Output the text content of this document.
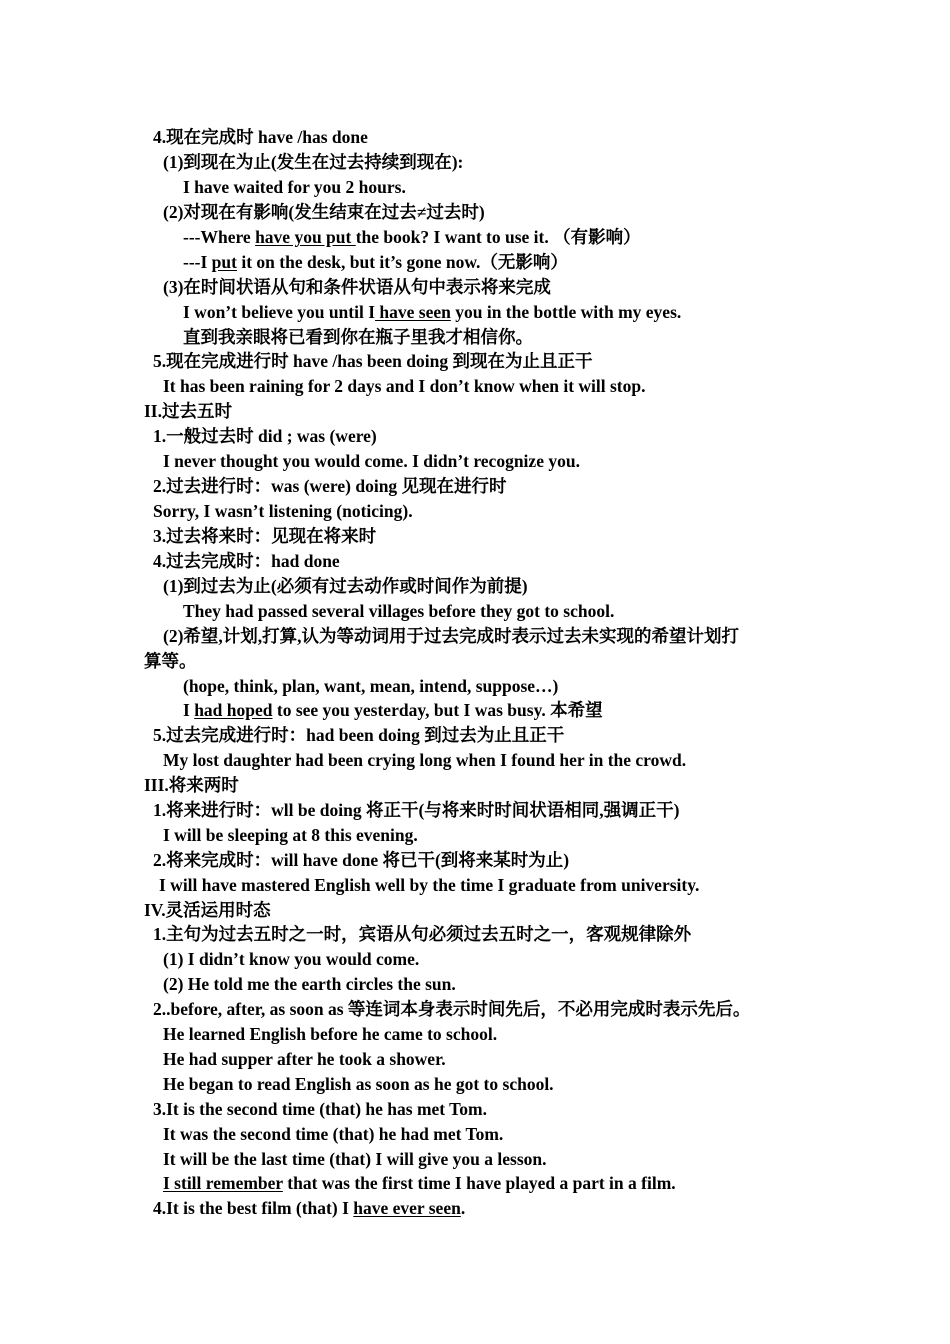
4.现在完成时 have /has done
(1)到现在为止(发生在过去持续到现在):
I have waited for you 2 hours.
(2)对现在有影响(发生结束在过去≠过去时)
---Where have you put the book? I want to use it. （有影响）
---I put it on the desk, but it’s gone now.（无影响）
(3)在时间状语从句和条件状语从句中表示将来完成
I won’t believe you until I have seen you in the bottle with my eyes.
直到我亲眼将已看到你在瓶子里我才相信你。
5.现在完成进行时 have /has been doing 到现在为止且正干
It has been raining for 2 days and I don’t know when it will stop.
II.过去五时
1.一般过去时 did ; was (were)
I never thought you would come. I didn’t recognize you.
2.过去进行时：was (were) doing 见现在进行时
Sorry, I wasn’t listening (noticing).
3.过去将来时：见现在将来时
4.过去完成时：had done
(1)到过去为止(必须有过去动作或时间作为前提)
They had passed several villages before they got to school.
(2)希望,计划,打算,认为等动词用于过去完成时表示过去未实现的希望计划打
算等。
(hope, think, plan, want, mean, intend, suppose…)
I had hoped to see you yesterday, but I was busy. 本希望
5.过去完成进行时：had been doing 到过去为止且正干
My lost daughter had been crying long when I found her in the crowd.
III.将来两时
1.将来进行时：wll be doing 将正干(与将来时时间状语相同,强调正干)
I will be sleeping at 8 this evening.
2.将来完成时：will have done 将已干(到将来某时为止)
I will have mastered English well by the time I graduate from university.
IV.灵活运用时态
1.主句为过去五时之一时，宾语从句必须过去五时之一，客观规律除外
(1) I didn’t know you would come.
(2) He told me the earth circles the sun.
2..before, after, as soon as 等连词本身表示时间先后，不必用完成时表示先后。
He learned English before he came to school.
He had supper after he took a shower.
He began to read English as soon as he got to school.
3.It is the second time (that) he has met Tom.
It was the second time (that) he had met Tom.
It will be the last time (that) I will give you a lesson.
I still remember that was the first time I have played a part in a film.
4.It is the best film (that) I have ever seen.
